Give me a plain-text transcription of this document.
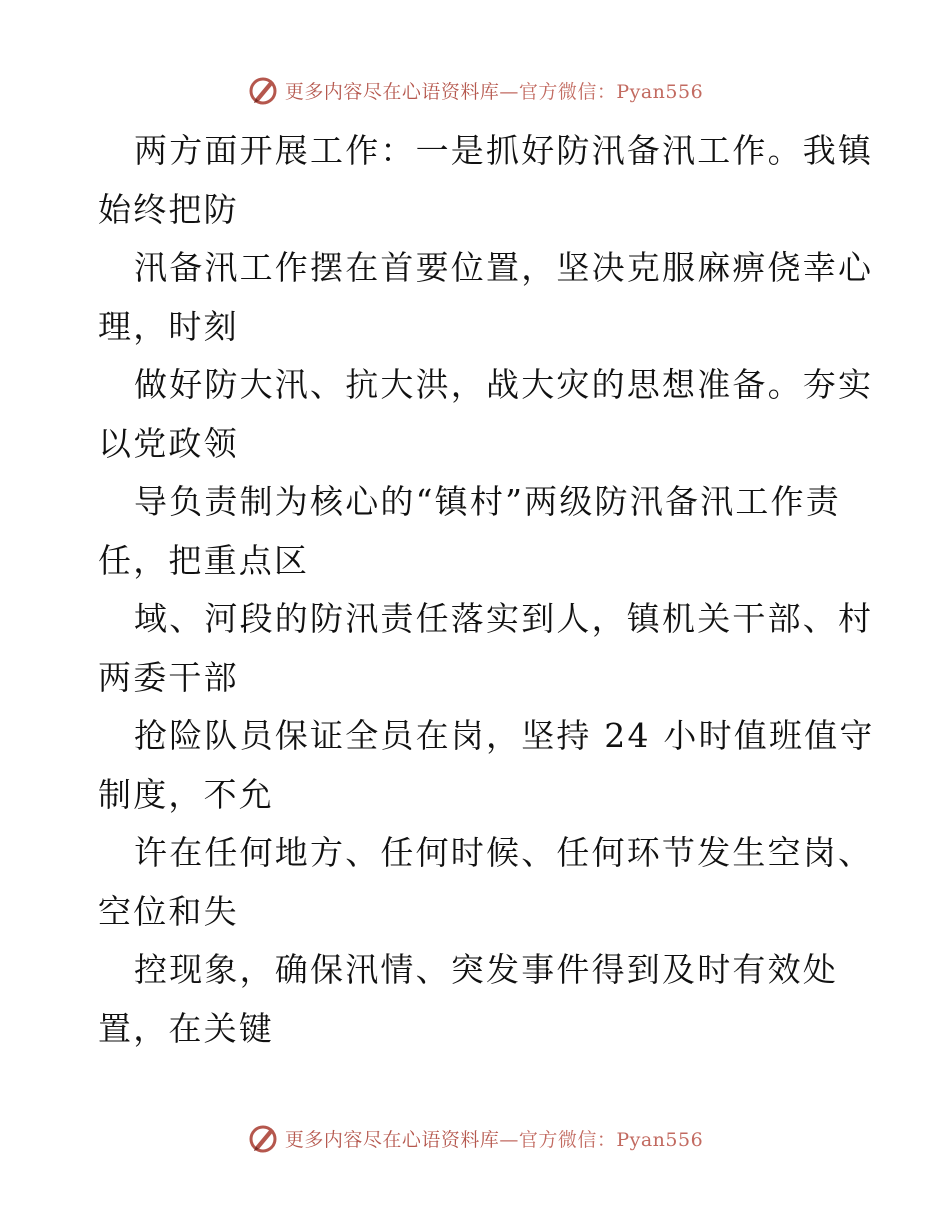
更多内容尽在心语资料库 —官方微信：Pyan556
两方面开展工作：一是抓好防汛备汛工作。我镇
始终把防
汛备汛工作摆在首要位置，坚决克服麻痹侥幸心
理，时刻
做好防大汛、抗大洪，战大灾的思想准备。夯实
以党政领
导负责制为核心的“镇村”两级防汛备汛工作责
任，把重点区
域、河段的防汛责任落实到人，镇机关干部、村
两委干部
抢险队员保证全员在岗，坚持 24 小时值班值守
制度，不允
许在任何地方、任何时候、任何环节发生空岗、
空位和失
控现象，确保汛情、突发事件得到及时有效处
置，在关键
更多内容尽在心语资料库 —官方微信：Pyan556
